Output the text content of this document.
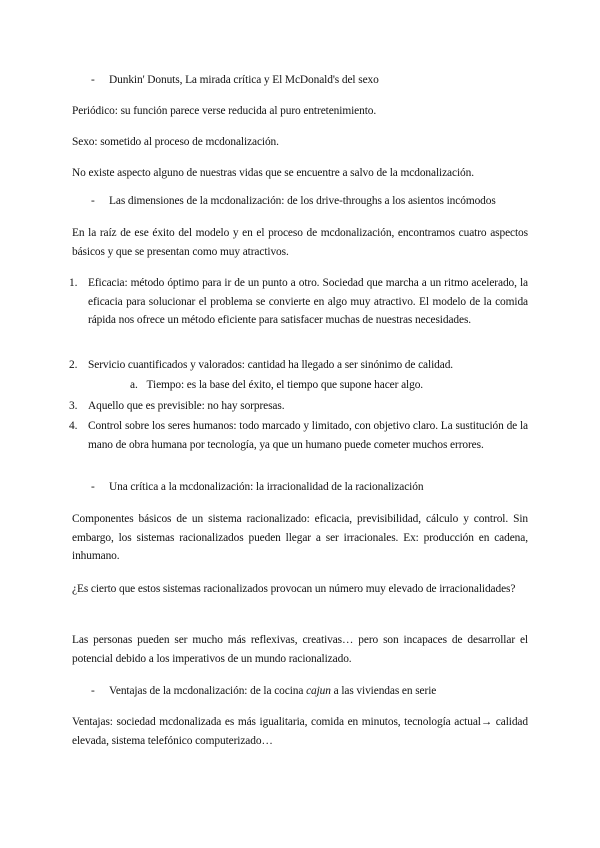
- Dunkin' Donuts, La mirada crítica y El McDonald's del sexo
Periódico: su función parece verse reducida al puro entretenimiento.
Sexo: sometido al proceso de mcdonalización.
No existe aspecto alguno de nuestras vidas que se encuentre a salvo de la mcdonalización.
- Las dimensiones de la mcdonalización: de los drive-throughs a los asientos incómodos
En la raíz de ese éxito del modelo y en el proceso de mcdonalización, encontramos cuatro aspectos básicos y que se presentan como muy atractivos.
1. Eficacia: método óptimo para ir de un punto a otro. Sociedad que marcha a un ritmo acelerado, la eficacia para solucionar el problema se convierte en algo muy atractivo. El modelo de la comida rápida nos ofrece un método eficiente para satisfacer muchas de nuestras necesidades.
2. Servicio cuantificados y valorados: cantidad ha llegado a ser sinónimo de calidad.
a. Tiempo: es la base del éxito, el tiempo que supone hacer algo.
3. Aquello que es previsible: no hay sorpresas.
4. Control sobre los seres humanos: todo marcado y limitado, con objetivo claro. La sustitución de la mano de obra humana por tecnología, ya que un humano puede cometer muchos errores.
- Una crítica a la mcdonalización: la irracionalidad de la racionalización
Componentes básicos de un sistema racionalizado: eficacia, previsibilidad, cálculo y control. Sin embargo, los sistemas racionalizados pueden llegar a ser irracionales. Ex: producción en cadena, inhumano.
¿Es cierto que estos sistemas racionalizados provocan un número muy elevado de irracionalidades?
Las personas pueden ser mucho más reflexivas, creativas… pero son incapaces de desarrollar el potencial debido a los imperativos de un mundo racionalizado.
- Ventajas de la mcdonalización: de la cocina cajun a las viviendas en serie
Ventajas: sociedad mcdonalizada es más igualitaria, comida en minutos, tecnología actual→ calidad elevada, sistema telefónico computerizado…
